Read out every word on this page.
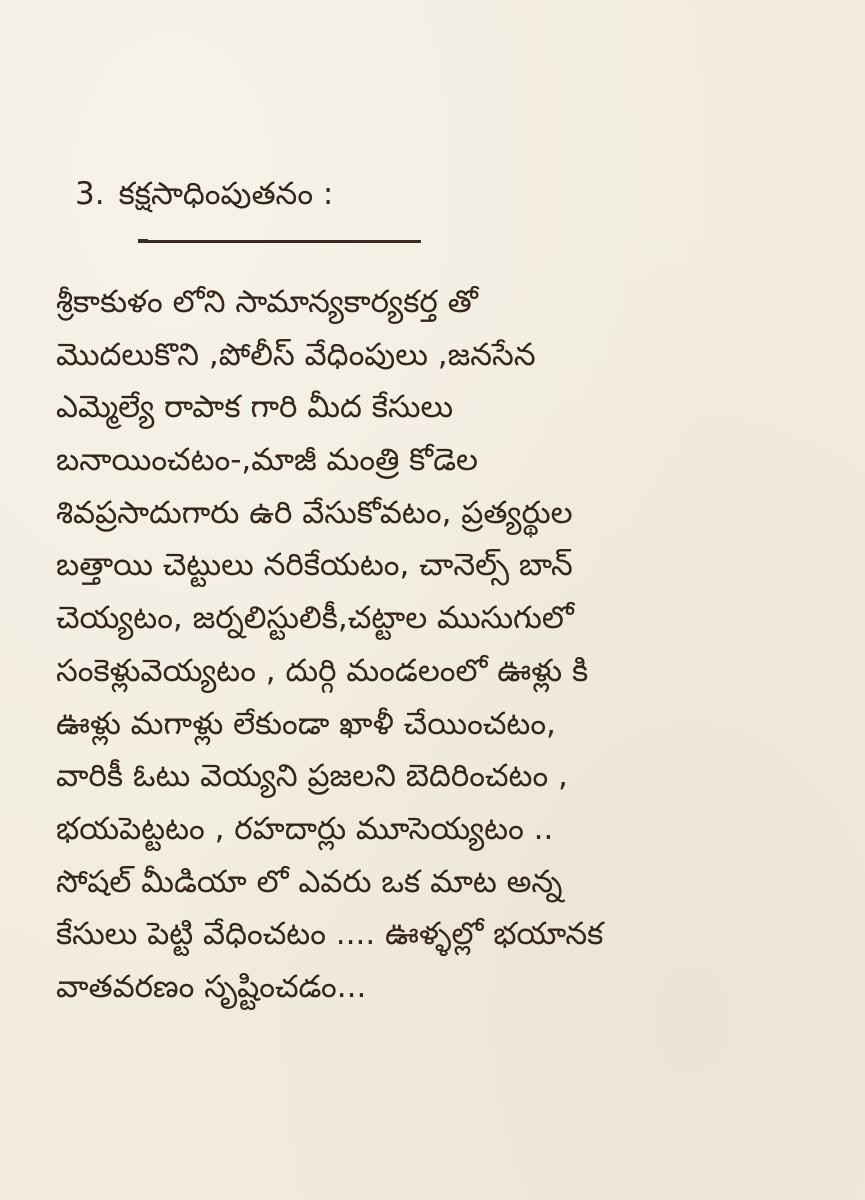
3. కక్షసాధింపుతనం :
శ్రీకాకుళం లోని సామాన్యకార్యకర్త తో
మొదలుకొని ,పోలీస్ వేధింపులు ,జనసేన
ఎమ్మెల్యే రాపాక గారి మీద కేసులు
బనాయించటం-,మాజీ మంత్రి కోడెల
శివప్రసాదుగారు ఉరి వేసుకోవటం, ప్రత్యర్థుల
బత్తాయి చెట్టులు నరికేయటం, చానెల్స్ బాన్
చెయ్యటం, జర్నలిస్టులికీ,చట్టాల ముసుగులో
సంకెళ్లువెయ్యటం , దుర్గి మండలంలో ఊళ్లు కి
ఊళ్లు మగాళ్లు లేకుండా ఖాళీ చేయించటం,
వారికీ ఓటు వెయ్యని ప్రజలని బెదిరించటం ,
భయపెట్టటం , రహదార్లు మూసెయ్యటం ..
సోషల్ మీడియా లో ఎవరు ఒక మాట అన్న
కేసులు పెట్టి వేధించటం .... ఊళ్ళల్లో భయానక
వాతవరణం సృష్టించడం...
